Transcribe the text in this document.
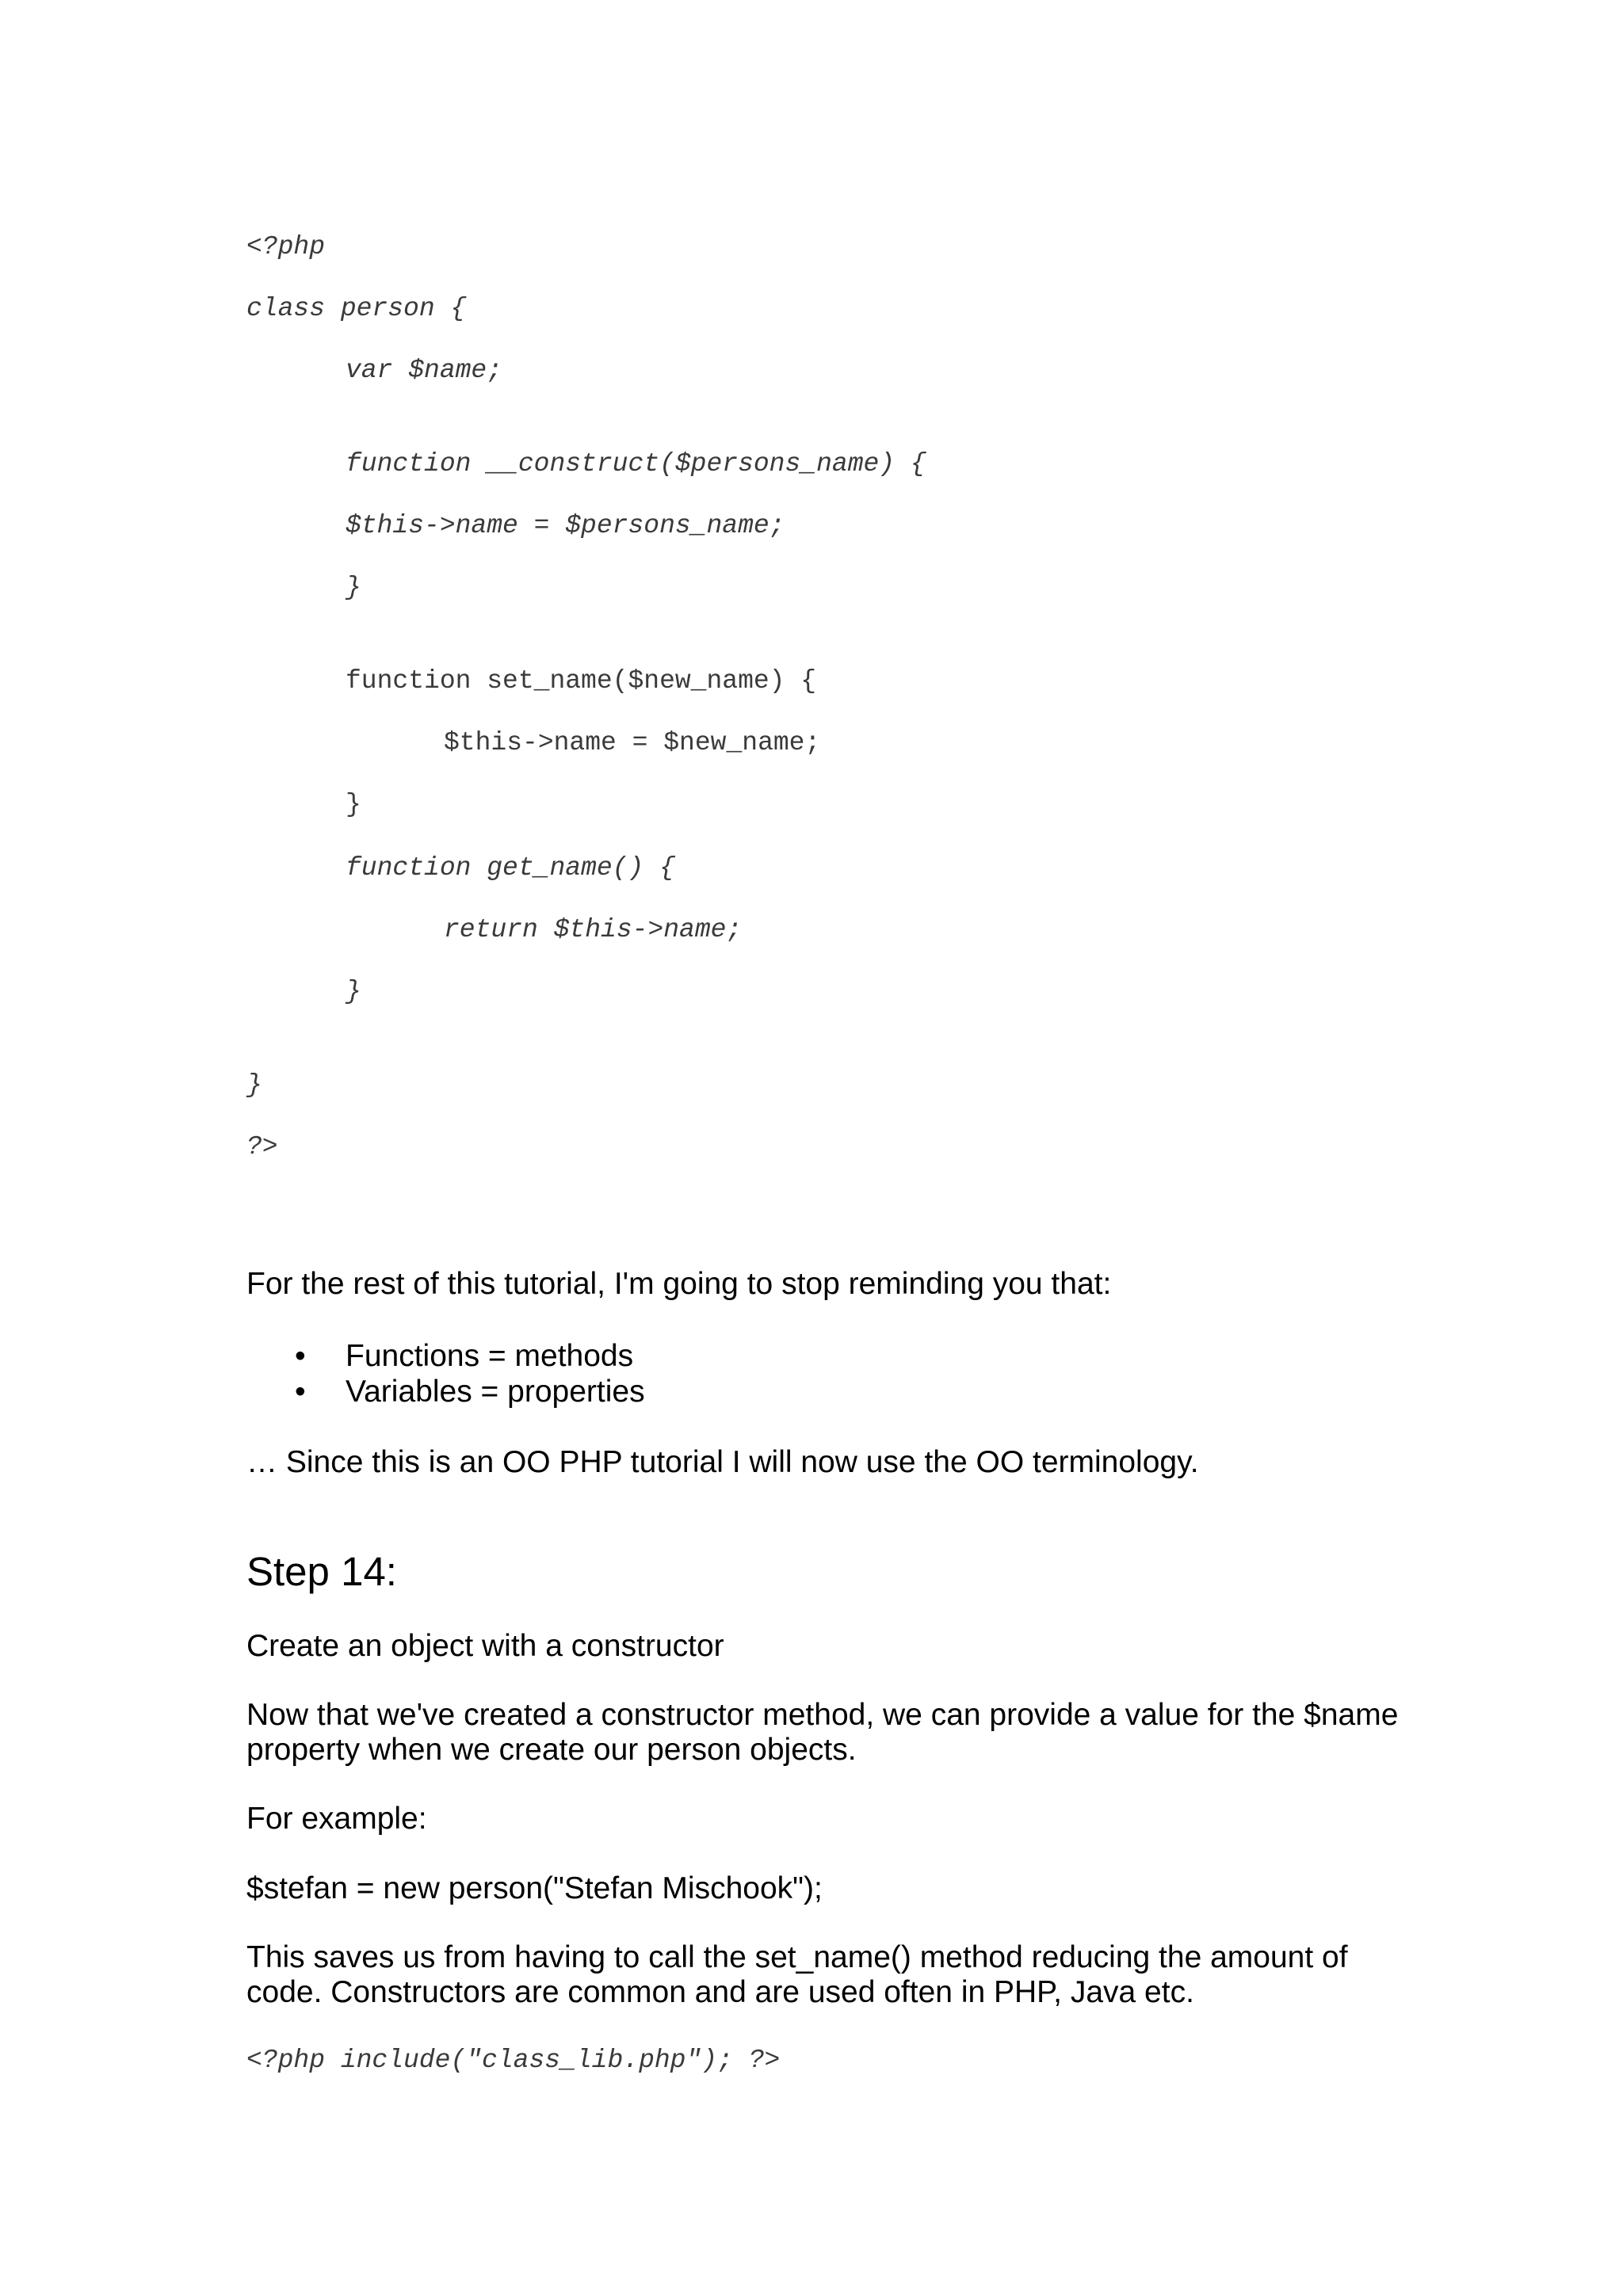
<?php
class person {
var $name;
function __construct($persons_name) {
$this->name = $persons_name;
}
function set_name($new_name) {
$this->name = $new_name;
}
function get_name() {
return $this->name;
}
}
?>
For the rest of this tutorial, I'm going to stop reminding you that:
• Functions = methods
• Variables = properties
… Since this is an OO PHP tutorial I will now use the OO terminology.
Step 14:
Create an object with a constructor
Now that we've created a constructor method, we can provide a value for the $name
property when we create our person objects.
For example:
$stefan = new person("Stefan Mischook");
This saves us from having to call the set_name() method reducing the amount of
code. Constructors are common and are used often in PHP, Java etc.
<?php include("class_lib.php"); ?>
